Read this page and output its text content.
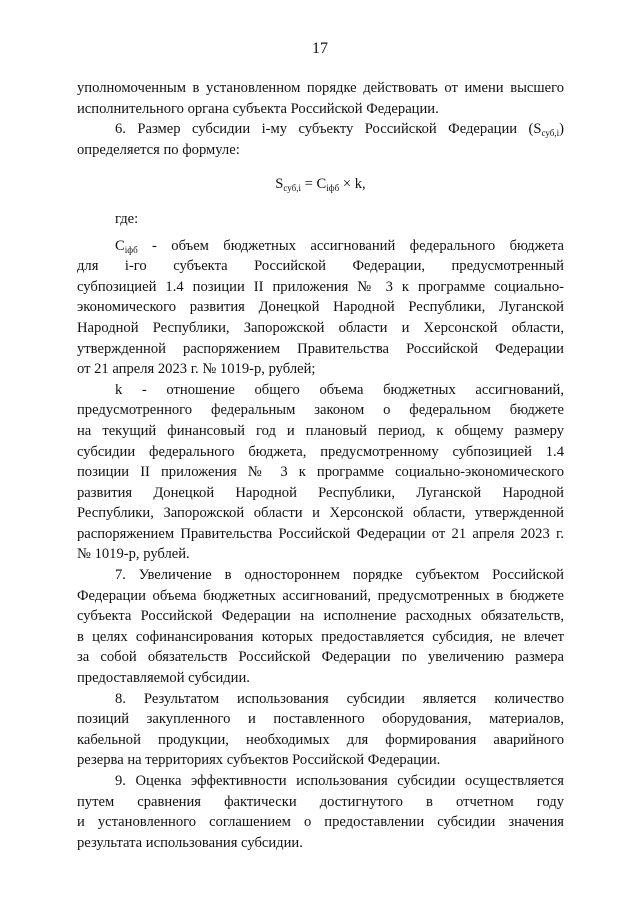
17
уполномоченным в установленном порядке действовать от имени высшего
исполнительного органа субъекта Российской Федерации.
6. Размер субсидии i-му субъекту Российской Федерации $(S_{суб,i})$
определяется по формуле:
$S_{суб,i} = C_{iфб} \times k$,
где:
$C_{iфб}$ - объем бюджетных ассигнований федерального бюджета
для i-го субъекта Российской Федерации, предусмотренный
субпозицией 1.4 позиции II приложения № 3 к программе социально-
экономического развития Донецкой Народной Республики, Луганской
Народной Республики, Запорожской области и Херсонской области,
утвержденной распоряжением Правительства Российской Федерации
от 21 апреля 2023 г. № 1019-р, рублей;
k - отношение общего объема бюджетных ассигнований,
предусмотренного федеральным законом о федеральном бюджете
на текущий финансовый год и плановый период, к общему размеру
субсидии федерального бюджета, предусмотренному субпозицией 1.4
позиции II приложения № 3 к программе социально-экономического
развития Донецкой Народной Республики, Луганской Народной
Республики, Запорожской области и Херсонской области, утвержденной
распоряжением Правительства Российской Федерации от 21 апреля 2023 г.
№ 1019-р, рублей.
7. Увеличение в одностороннем порядке субъектом Российской
Федерации объема бюджетных ассигнований, предусмотренных в бюджете
субъекта Российской Федерации на исполнение расходных обязательств,
в целях софинансирования которых предоставляется субсидия, не влечет
за собой обязательств Российской Федерации по увеличению размера
предоставляемой субсидии.
8. Результатом использования субсидии является количество
позиций закупленного и поставленного оборудования, материалов,
кабельной продукции, необходимых для формирования аварийного
резерва на территориях субъектов Российской Федерации.
9. Оценка эффективности использования субсидии осуществляется
путем сравнения фактически достигнутого в отчетном году
и установленного соглашением о предоставлении субсидии значения
результата использования субсидии.
